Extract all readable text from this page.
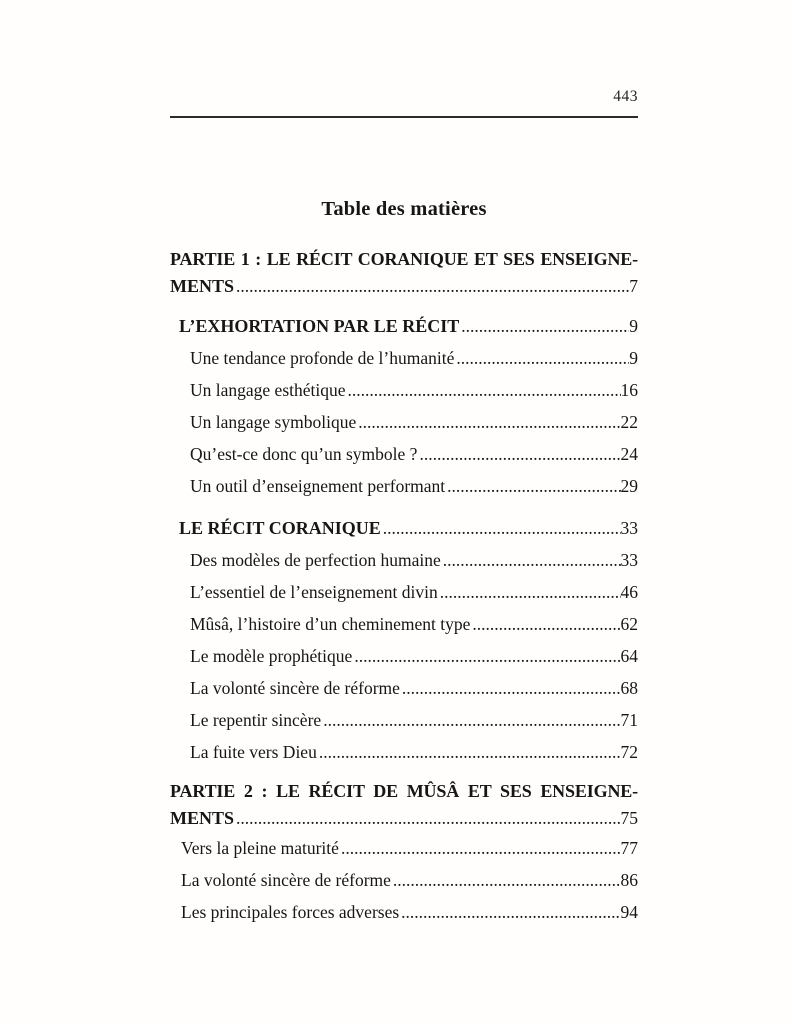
443
Table des matières
PARTIE 1 : LE RÉCIT CORANIQUE ET SES ENSEIGNE-
MENTS .....	7
L’EXHORTATION PAR LE RÉCIT .....	9
Une tendance profonde de l’humanité .....	9
Un langage esthétique .....	16
Un langage symbolique .....	22
Qu’est-ce donc qu’un symbole ? .....	24
Un outil d’enseignement performant .....	29
LE RÉCIT CORANIQUE .....	33
Des modèles de perfection humaine .....	33
L’essentiel de l’enseignement divin .....	46
Mûsâ, l’histoire d’un cheminement type .....	62
Le modèle prophétique .....	64
La volonté sincère de réforme .....	68
Le repentir sincère .....	71
La fuite vers Dieu .....	72
PARTIE 2 : LE RÉCIT DE MÛSÂ ET SES ENSEIGNE-
MENTS .....	75
Vers la pleine maturité .....	77
La volonté sincère de réforme .....	86
Les principales forces adverses .....	94
